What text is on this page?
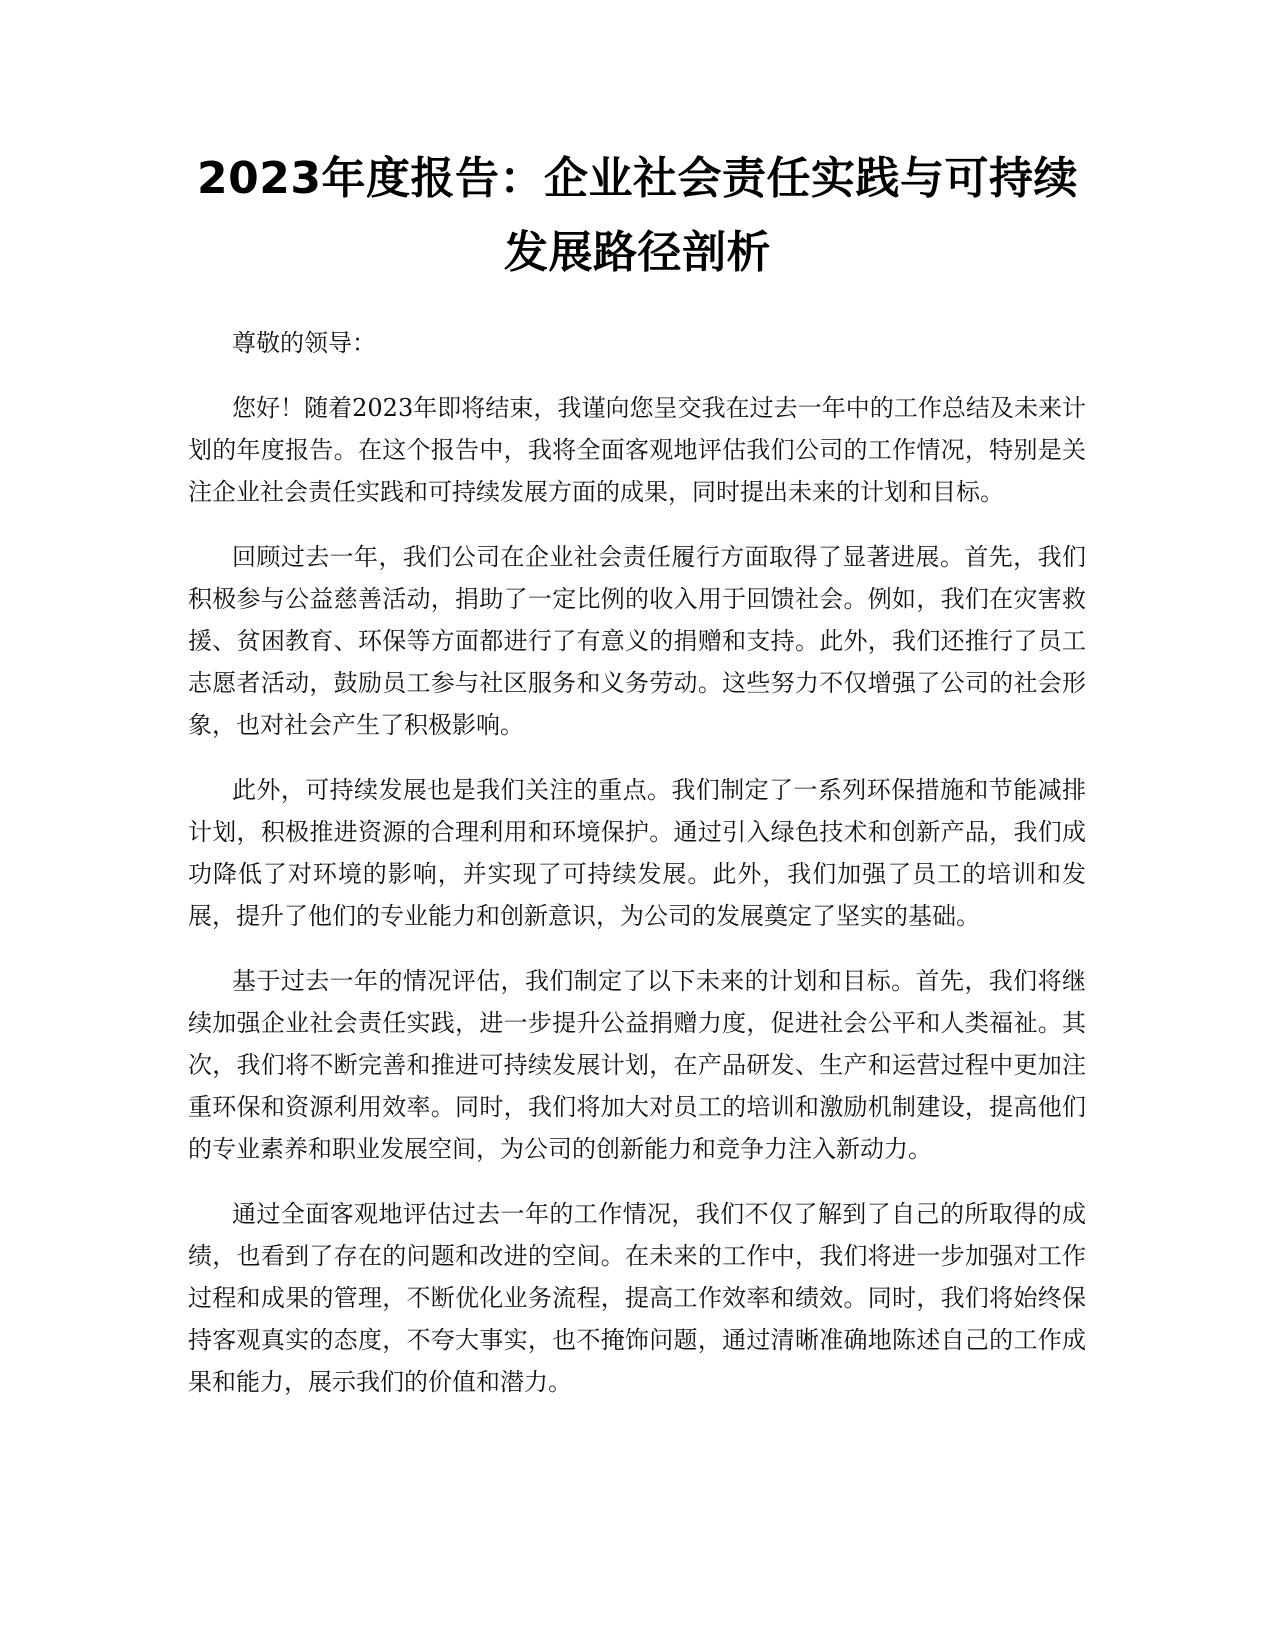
2023年度报告：企业社会责任实践与可持续发展路径剖析

尊敬的领导：

您好！随着2023年即将结束，我谨向您呈交我在过去一年中的工作总结及未来计划的年度报告。在这个报告中，我将全面客观地评估我们公司的工作情况，特别是关注企业社会责任实践和可持续发展方面的成果，同时提出未来的计划和目标。

回顾过去一年，我们公司在企业社会责任履行方面取得了显著进展。首先，我们积极参与公益慈善活动，捐助了一定比例的收入用于回馈社会。例如，我们在灾害救援、贫困教育、环保等方面都进行了有意义的捐赠和支持。此外，我们还推行了员工志愿者活动，鼓励员工参与社区服务和义务劳动。这些努力不仅增强了公司的社会形象，也对社会产生了积极影响。

此外，可持续发展也是我们关注的重点。我们制定了一系列环保措施和节能减排计划，积极推进资源的合理利用和环境保护。通过引入绿色技术和创新产品，我们成功降低了对环境的影响，并实现了可持续发展。此外，我们加强了员工的培训和发展，提升了他们的专业能力和创新意识，为公司的发展奠定了坚实的基础。

基于过去一年的情况评估，我们制定了以下未来的计划和目标。首先，我们将继续加强企业社会责任实践，进一步提升公益捐赠力度，促进社会公平和人类福祉。其次，我们将不断完善和推进可持续发展计划，在产品研发、生产和运营过程中更加注重环保和资源利用效率。同时，我们将加大对员工的培训和激励机制建设，提高他们的专业素养和职业发展空间，为公司的创新能力和竞争力注入新动力。

通过全面客观地评估过去一年的工作情况，我们不仅了解到了自己的所取得的成绩，也看到了存在的问题和改进的空间。在未来的工作中，我们将进一步加强对工作过程和成果的管理，不断优化业务流程，提高工作效率和绩效。同时，我们将始终保持客观真实的态度，不夸大事实，也不掩饰问题，通过清晰准确地陈述自己的工作成果和能力，展示我们的价值和潜力。
